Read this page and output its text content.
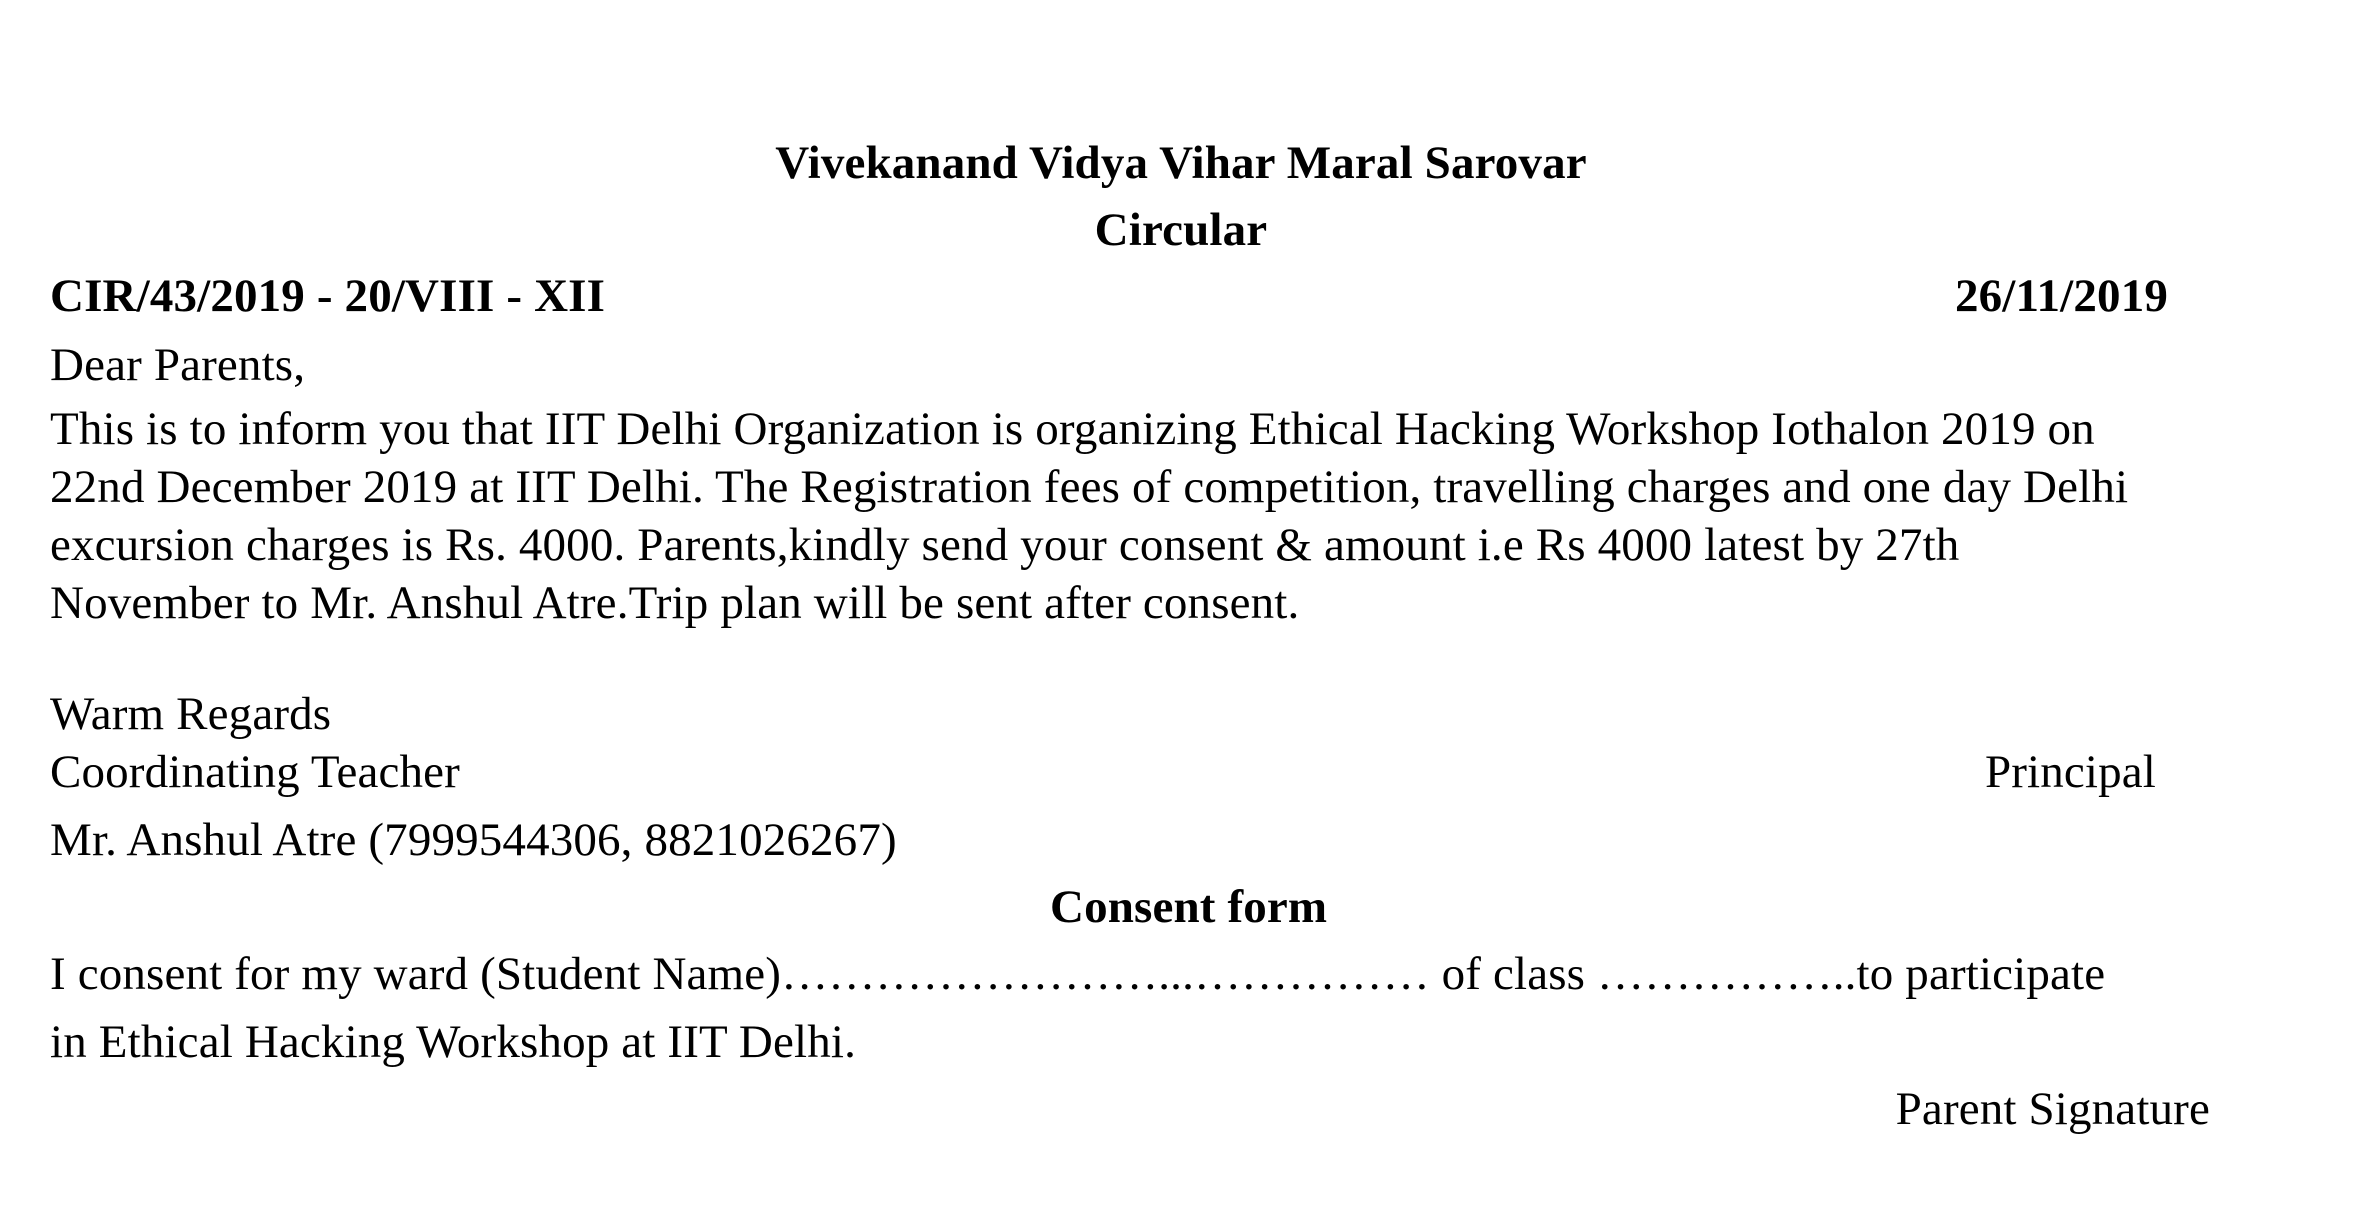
Vivekanand Vidya Vihar Maral Sarovar
Circular
CIR/43/2019 - 20/VIII - XII	26/11/2019
Dear Parents,
This is to inform you that IIT Delhi Organization is organizing Ethical Hacking Workshop Iothalon 2019 on
22nd December 2019 at IIT Delhi. The Registration fees of competition, travelling charges and one day Delhi
excursion charges is Rs. 4000. Parents,kindly send your consent & amount i.e Rs 4000 latest by 27th
November to Mr. Anshul Atre.Trip plan will be sent after consent.
Warm Regards
Coordinating Teacher	Principal
Mr. Anshul Atre (7999544306, 8821026267)
Consent form
I consent for my ward (Student Name)……………………...…………… of class ……………..to participate
in Ethical Hacking Workshop at IIT Delhi.
Parent Signature
